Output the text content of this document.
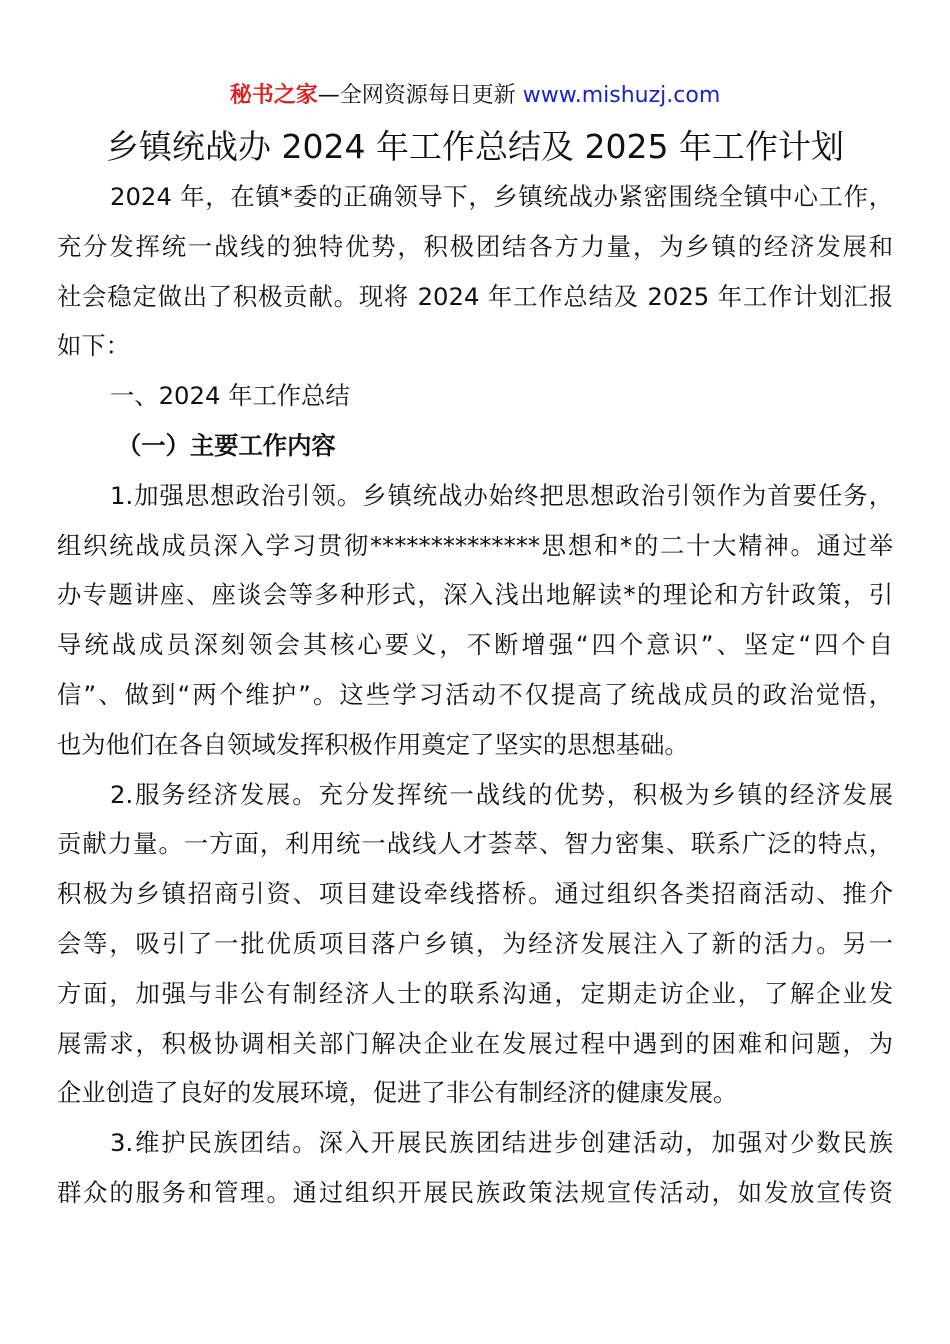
秘书之家—全网资源每日更新 www.mishuzj.com
乡镇统战办 2024 年工作总结及 2025 年工作计划
2024 年，在镇*委的正确领导下，乡镇统战办紧密围绕全镇中心工作，
充分发挥统一战线的独特优势，积极团结各方力量，为乡镇的经济发展和
社会稳定做出了积极贡献。现将 2024 年工作总结及 2025 年工作计划汇报
如下：
一、2024 年工作总结
（一）主要工作内容
1.加强思想政治引领。乡镇统战办始终把思想政治引领作为首要任务，
组织统战成员深入学习贯彻**************思想和*的二十大精神。通过举
办专题讲座、座谈会等多种形式，深入浅出地解读*的理论和方针政策，引
导统战成员深刻领会其核心要义，不断增强“四个意识”、坚定“四个自
信”、做到“两个维护”。这些学习活动不仅提高了统战成员的政治觉悟，
也为他们在各自领域发挥积极作用奠定了坚实的思想基础。
2.服务经济发展。充分发挥统一战线的优势，积极为乡镇的经济发展
贡献力量。一方面，利用统一战线人才荟萃、智力密集、联系广泛的特点，
积极为乡镇招商引资、项目建设牵线搭桥。通过组织各类招商活动、推介
会等，吸引了一批优质项目落户乡镇，为经济发展注入了新的活力。另一
方面，加强与非公有制经济人士的联系沟通，定期走访企业，了解企业发
展需求，积极协调相关部门解决企业在发展过程中遇到的困难和问题，为
企业创造了良好的发展环境，促进了非公有制经济的健康发展。
3.维护民族团结。深入开展民族团结进步创建活动，加强对少数民族
群众的服务和管理。通过组织开展民族政策法规宣传活动，如发放宣传资
